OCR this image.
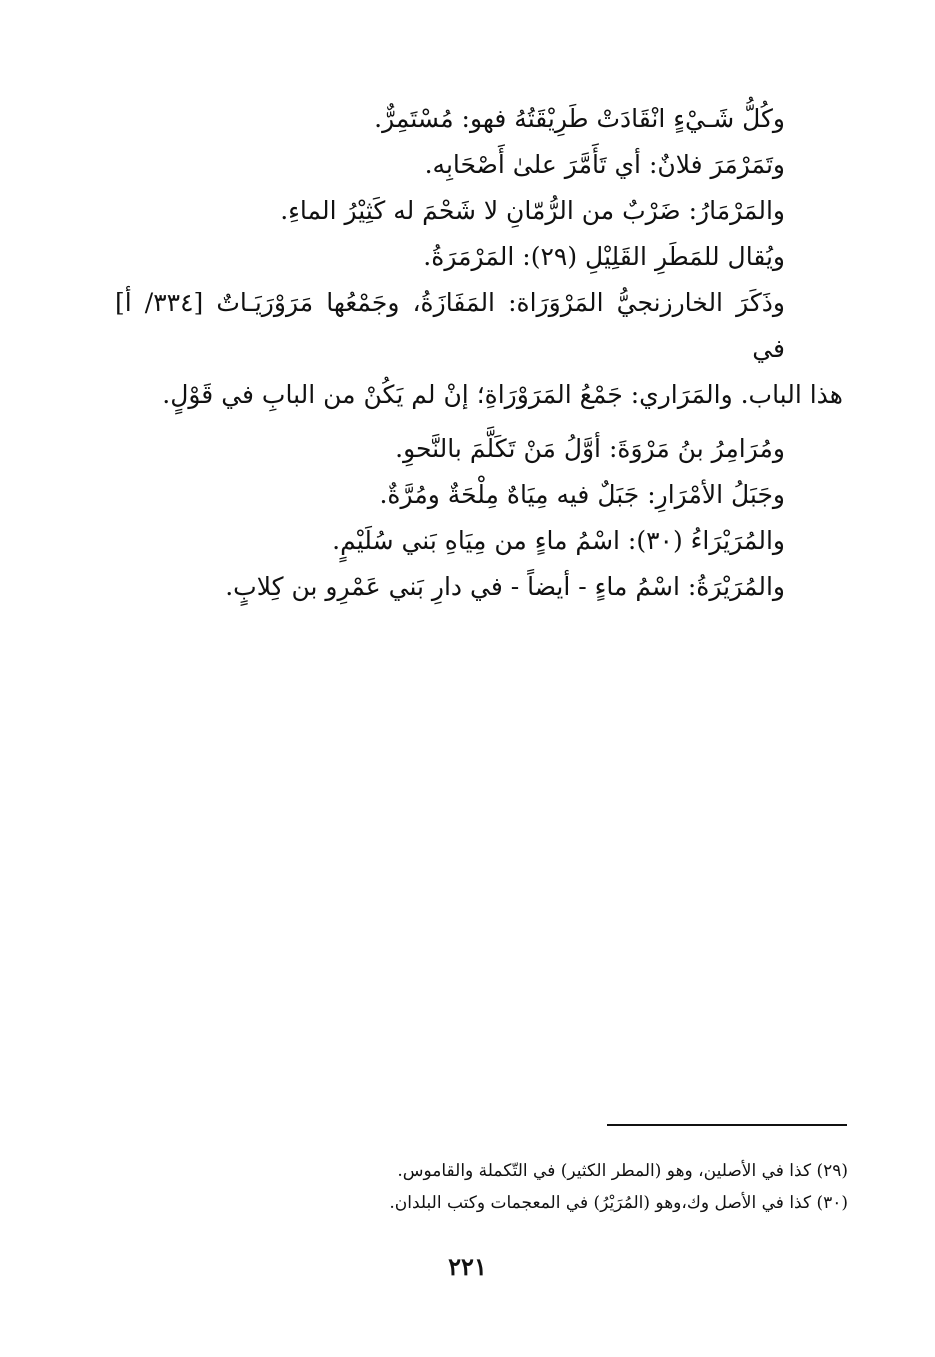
وكُلُّ شَـيْءٍ انْقَادَتْ طَرِيْقَتُهُ فهو: مُسْتَمِرٌّ.
وتَمَرْمَرَ فلانٌ: أي تَأَمَّرَ علىٰ أَصْحَابِه.
والمَرْمَارُ: ضَرْبٌ من الرُّمّانِ لا شَحْمَ له كَثِيْرُ الماءِ.
ويُقال للمَطَرِ القَلِيْلِ (٢٩): المَرْمَرَةُ.
وذَكَرَ الخارزنجيُّ المَرْوَرَاة: المَفَازَةُ، وجَمْعُها مَرَوْرَيَـاتٌ [٣٣٤/ أ] في
هذا الباب. والمَرَاري: جَمْعُ المَرَوْرَاةِ؛ إنْ لم يَكُنْ من البابِ في قَوْلٍ.
ومُرَامِرُ بنُ مَرْوَةَ: أوَّلُ مَنْ تَكَلَّمَ بالنَّحوِ.
وجَبَلُ الأمْرَارِ: جَبَلٌ فيه مِيَاهٌ مِلْحَةٌ ومُرَّةٌ.
والمُرَيْرَاءُ (٣٠): اسْمُ ماءٍ من مِيَاهِ بَني سُلَيْمٍ.
والمُرَيْرَةُ: اسْمُ ماءٍ - أيضاً - في دارِ بَني عَمْرِو بن كِلابٍ.
(٢٩) كذا في الأصلين، وهو (المطر الكثير) في التّكملة والقاموس.
(٣٠) كذا في الأصل وك،وهو (المُرَيْرُ) في المعجمات وكتب البلدان.
٢٢١
